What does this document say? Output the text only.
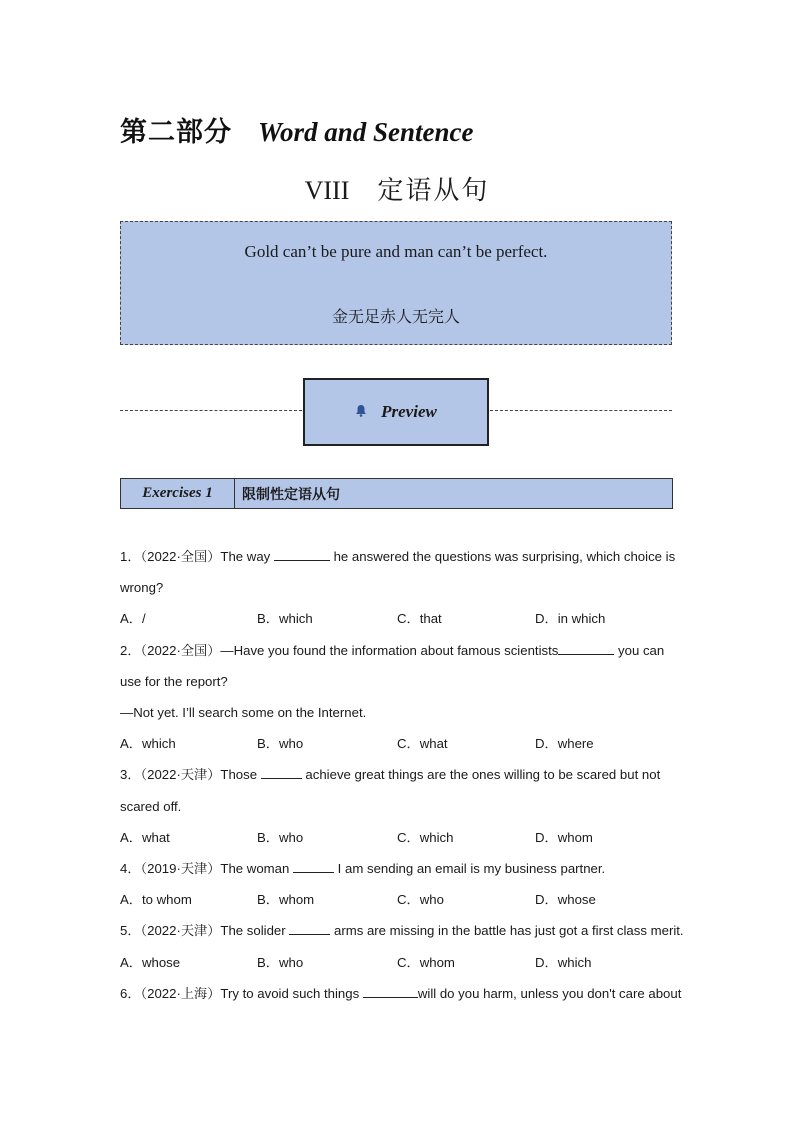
第二部分 Word and Sentence
VIII 定语从句
Gold can’t be pure and man can’t be perfect.
金无足赤人无完人
Preview
Exercises 1	限制性定语从句
1．（2022·全国）The way	he answered the questions was surprising, which choice is
wrong?
A．/	B．which	C．that	D．in which
2．（2022·全国）—Have you found the information about famous scientists	you can
use for the report?
—Not yet. I’ll search some on the Internet.
A．which	B．who	C．what	D．where
3．（2022·天津）Those	achieve great things are the ones willing to be scared but not
scared off.
A．what	B．who	C．which	D．whom
4．（2019·天津）The woman	I am sending an email is my business partner.
A．to whom	B．whom	C．who	D．whose
5．（2022·天津）The solider	arms are missing in the battle has just got a first class merit.
A．whose	B．who	C．whom	D．which
6．（2022·上海）Try to avoid such things	will do you harm, unless you don't care about
